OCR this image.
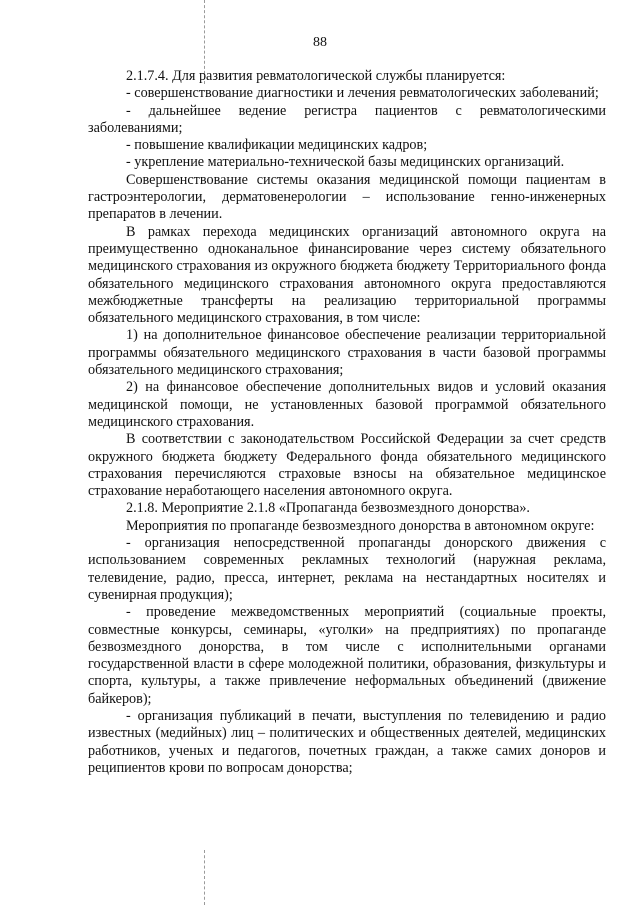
88

2.1.7.4. Для развития ревматологической службы планируется:

- совершенствование диагностики и лечения ревматологических заболеваний;

- дальнейшее ведение регистра пациентов с ревматологическими заболеваниями;

- повышение квалификации медицинских кадров;

- укрепление материально-технической базы медицинских организаций.

Совершенствование системы оказания медицинской помощи пациентам в гастроэнтерологии, дерматовенерологии – использование генно-инженерных препаратов в лечении.

В рамках перехода медицинских организаций автономного округа на преимущественно одноканальное финансирование через систему обязательного медицинского страхования из окружного бюджета бюджету Территориального фонда обязательного медицинского страхования автономного округа предоставляются межбюджетные трансферты на реализацию территориальной программы обязательного медицинского страхования, в том числе:

1) на дополнительное финансовое обеспечение реализации территориальной программы обязательного медицинского страхования в части базовой программы обязательного медицинского страхования;

2) на финансовое обеспечение дополнительных видов и условий оказания медицинской помощи, не установленных базовой программой обязательного медицинского страхования.

В соответствии с законодательством Российской Федерации за счет средств окружного бюджета бюджету Федерального фонда обязательного медицинского страхования перечисляются страховые взносы на обязательное медицинское страхование неработающего населения автономного округа.

2.1.8. Мероприятие 2.1.8 «Пропаганда безвозмездного донорства».

Мероприятия по пропаганде безвозмездного донорства в автономном округе:

- организация непосредственной пропаганды донорского движения с использованием современных рекламных технологий (наружная реклама, телевидение, радио, пресса, интернет, реклама на нестандартных носителях и сувенирная продукция);

- проведение межведомственных мероприятий (социальные проекты, совместные конкурсы, семинары, «уголки» на предприятиях) по пропаганде безвозмездного донорства, в том числе с исполнительными органами государственной власти в сфере молодежной политики, образования, физкультуры и спорта, культуры, а также привлечение неформальных объединений (движение байкеров);

- организация публикаций в печати, выступления по телевидению и радио известных (медийных) лиц – политических и общественных деятелей, медицинских работников, ученых и педагогов, почетных граждан, а также самих доноров и реципиентов крови по вопросам донорства;
